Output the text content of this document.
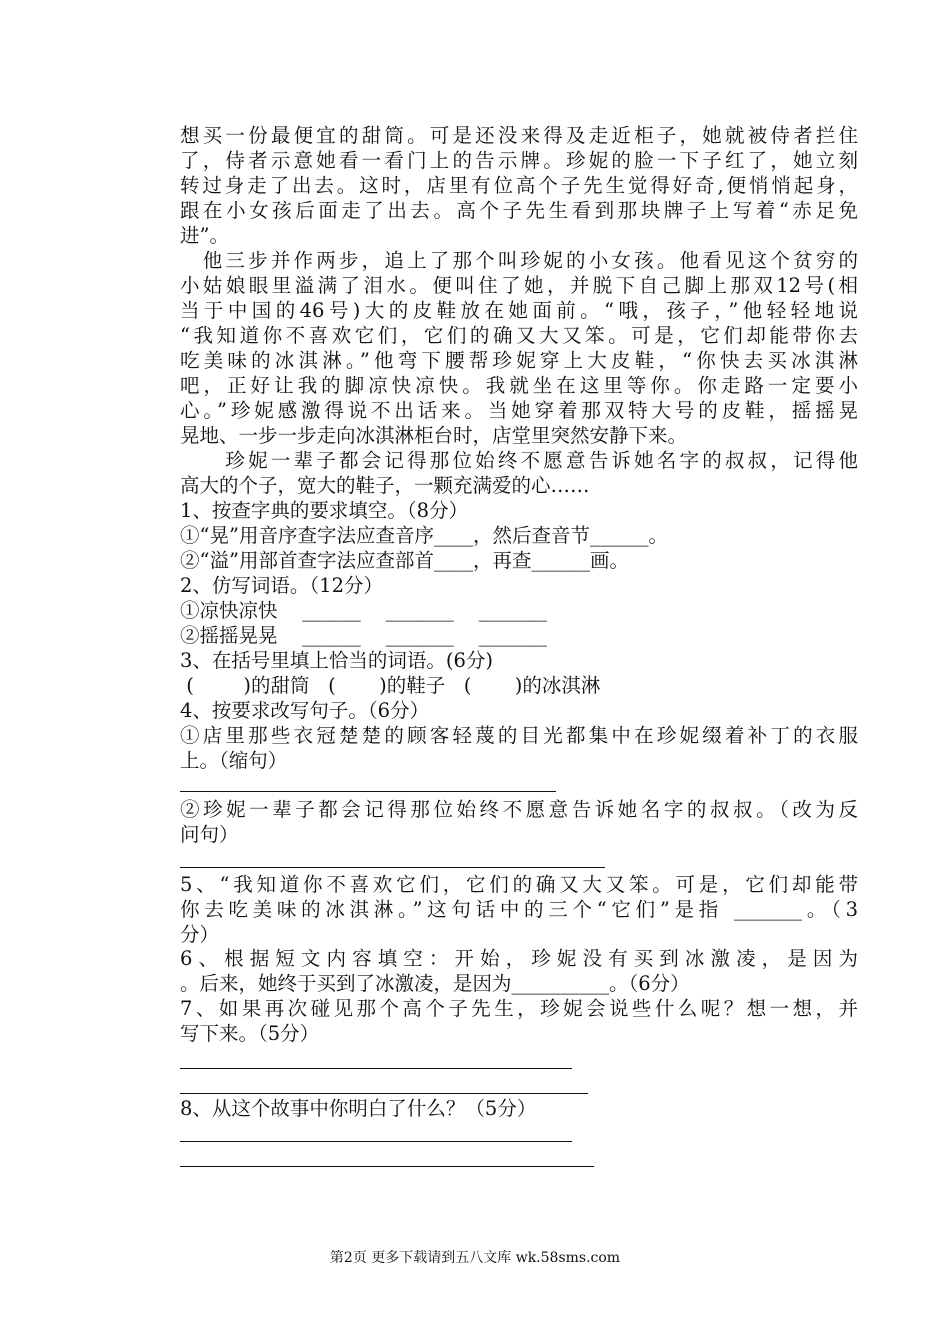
想买一份最便宜的甜筒。可是还没来得及走近柜子，她就被侍者拦住
了，侍者示意她看一看门上的告示牌。珍妮的脸一下子红了，她立刻
转过身走了出去。这时，店里有位高个子先生觉得好奇,便悄悄起身，
跟在小女孩后面走了出去。高个子先生看到那块牌子上写着“赤足免
进”。
　他三步并作两步，追上了那个叫珍妮的小女孩。他看见这个贫穷的
小姑娘眼里溢满了泪水。便叫住了她，并脱下自己脚上那双12号(相
当于中国的46号)大的皮鞋放在她面前。“哦，孩子，”他轻轻地说
“我知道你不喜欢它们，它们的确又大又笨。可是，它们却能带你去
吃美味的冰淇淋。”他弯下腰帮珍妮穿上大皮鞋，“你快去买冰淇淋
吧，正好让我的脚凉快凉快。我就坐在这里等你。你走路一定要小
心。”珍妮感激得说不出话来。当她穿着那双特大号的皮鞋，摇摇晃
晃地、一步一步走向冰淇淋柜台时，店堂里突然安静下来。
　　珍妮一辈子都会记得那位始终不愿意告诉她名字的叔叔，记得他
高大的个子，宽大的鞋子，一颗充满爱的心……
1、按查字典的要求填空。（8分）
①“晃”用音序查字法应查音序____，然后查音节______。
②“溢”用部首查字法应查部首____，再查______画。
2、仿写词语。（12分）
①凉快凉快    ______    _______    _______
②摇摇晃晃    ______    _______    _______
3、在括号里填上恰当的词语。(6分)
(        )的甜筒   (       )的鞋子   (       )的冰淇淋
4、按要求改写句子。（6分）
①店里那些衣冠楚楚的顾客轻蔑的目光都集中在珍妮缀着补丁的衣服
上。（缩句）
②珍妮一辈子都会记得那位始终不愿意告诉她名字的叔叔。（改为反
问句）
5、“我知道你不喜欢它们，它们的确又大又笨。可是，它们却能带
你去吃美味的冰淇淋。”这句话中的三个“它们”是指 _______。（3
分）
6、根据短文内容填空：开始，珍妮没有买到冰激凌，是因为
。后来，她终于买到了冰激凌，是因为__________。（6分）
7、如果再次碰见那个高个子先生，珍妮会说些什么呢？想一想，并
写下来。（5分）
8、从这个故事中你明白了什么？（5分）
第2页 更多下载请到五八文库 wk.58sms.com
